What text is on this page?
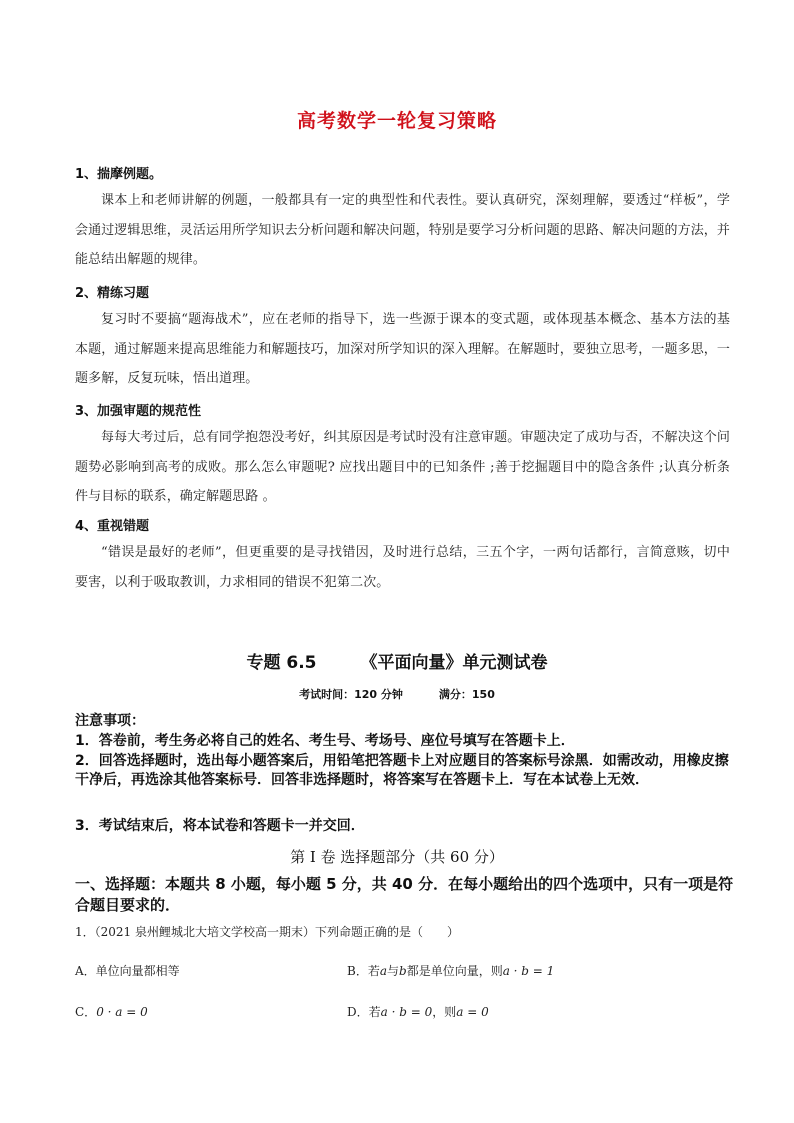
高考数学一轮复习策略
1、揣摩例题。
课本上和老师讲解的例题，一般都具有一定的典型性和代表性。要认真研究，深刻理解，要透过“样板”，学会通过逻辑思维，灵活运用所学知识去分析问题和解决问题，特别是要学习分析问题的思路、解决问题的方法，并能总结出解题的规律。
2、精练习题
复习时不要搞“题海战术”，应在老师的指导下，选一些源于课本的变式题，或体现基本概念、基本方法的基本题，通过解题来提高思维能力和解题技巧，加深对所学知识的深入理解。在解题时，要独立思考，一题多思，一题多解，反复玩味，悟出道理。
3、加强审题的规范性
每每大考过后，总有同学抱怨没考好，纠其原因是考试时没有注意审题。审题决定了成功与否，不解决这个问题势必影响到高考的成败。那么怎么审题呢? 应找出题目中的已知条件 ;善于挖掘题目中的隐含条件 ;认真分析条件与目标的联系，确定解题思路 。
4、重视错题
“错误是最好的老师”，但更重要的是寻找错因，及时进行总结，三五个字，一两句话都行，言简意赅，切中要害，以利于吸取教训，力求相同的错误不犯第二次。
专题 6.5	《平面向量》单元测试卷
考试时间：120 分钟	满分：150
注意事项：
1．答卷前，考生务必将自己的姓名、考生号、考场号、座位号填写在答题卡上．
2．回答选择题时，选出每小题答案后，用铅笔把答题卡上对应题目的答案标号涂黑．如需改动，用橡皮擦干净后，再选涂其他答案标号．回答非选择题时，将答案写在答题卡上．写在本试卷上无效．
3．考试结束后，将本试卷和答题卡一并交回．
第 I 卷 选择题部分（共 60 分）
一、选择题：本题共 8 小题，每小题 5 分，共 40 分．在每小题给出的四个选项中，只有一项是符合题目要求的．
1．（2021 泉州鲤城北大培文学校高一期末）下列命题正确的是（　　）
A．单位向量都相等	B．若a与b都是单位向量，则a · b = 1
C．0 · a = 0	D．若a · b = 0，则a = 0
